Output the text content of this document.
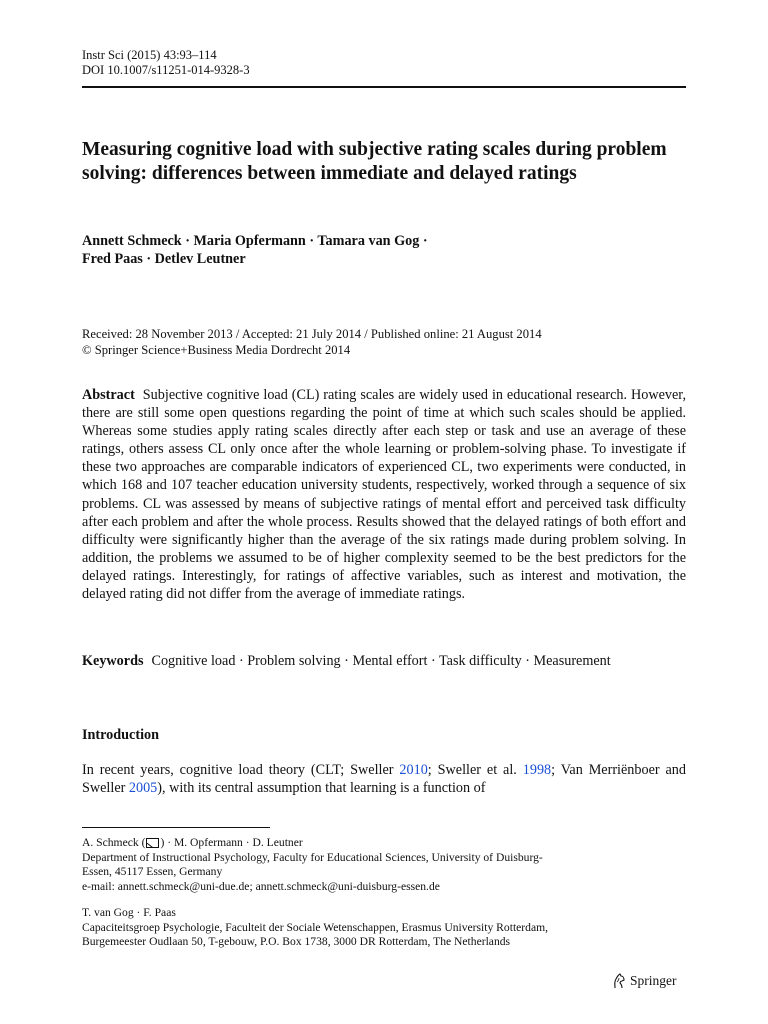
Instr Sci (2015) 43:93–114
DOI 10.1007/s11251-014-9328-3
Measuring cognitive load with subjective rating scales during problem solving: differences between immediate and delayed ratings
Annett Schmeck · Maria Opfermann · Tamara van Gog ·
Fred Paas · Detlev Leutner
Received: 28 November 2013 / Accepted: 21 July 2014 / Published online: 21 August 2014
© Springer Science+Business Media Dordrecht 2014

Abstract Subjective cognitive load (CL) rating scales are widely used in educational research. However, there are still some open questions regarding the point of time at which such scales should be applied. Whereas some studies apply rating scales directly after each step or task and use an average of these ratings, others assess CL only once after the whole learning or problem-solving phase. To investigate if these two approaches are comparable indicators of experienced CL, two experiments were conducted, in which 168 and 107 teacher education university students, respectively, worked through a sequence of six problems. CL was assessed by means of subjective ratings of mental effort and perceived task difficulty after each problem and after the whole process. Results showed that the delayed ratings of both effort and difficulty were significantly higher than the average of the six ratings made during problem solving. In addition, the problems we assumed to be of higher complexity seemed to be the best predictors for the delayed ratings. Interestingly, for ratings of affective variables, such as interest and motivation, the delayed rating did not differ from the average of immediate ratings.

Keywords Cognitive load · Problem solving · Mental effort · Task difficulty · Measurement
Introduction

In recent years, cognitive load theory (CLT; Sweller 2010; Sweller et al. 1998; Van Merriënboer and Sweller 2005), with its central assumption that learning is a function of

A. Schmeck ( ) · M. Opfermann · D. Leutner
Department of Instructional Psychology, Faculty for Educational Sciences, University of Duisburg-
Essen, 45117 Essen, Germany
e-mail: annett.schmeck@uni-due.de; annett.schmeck@uni-duisburg-essen.de
T. van Gog · F. Paas
Capaciteitsgroep Psychologie, Faculteit der Sociale Wetenschappen, Erasmus University Rotterdam,
Burgemeester Oudlaan 50, T-gebouw, P.O. Box 1738, 3000 DR Rotterdam, The Netherlands
Springer
